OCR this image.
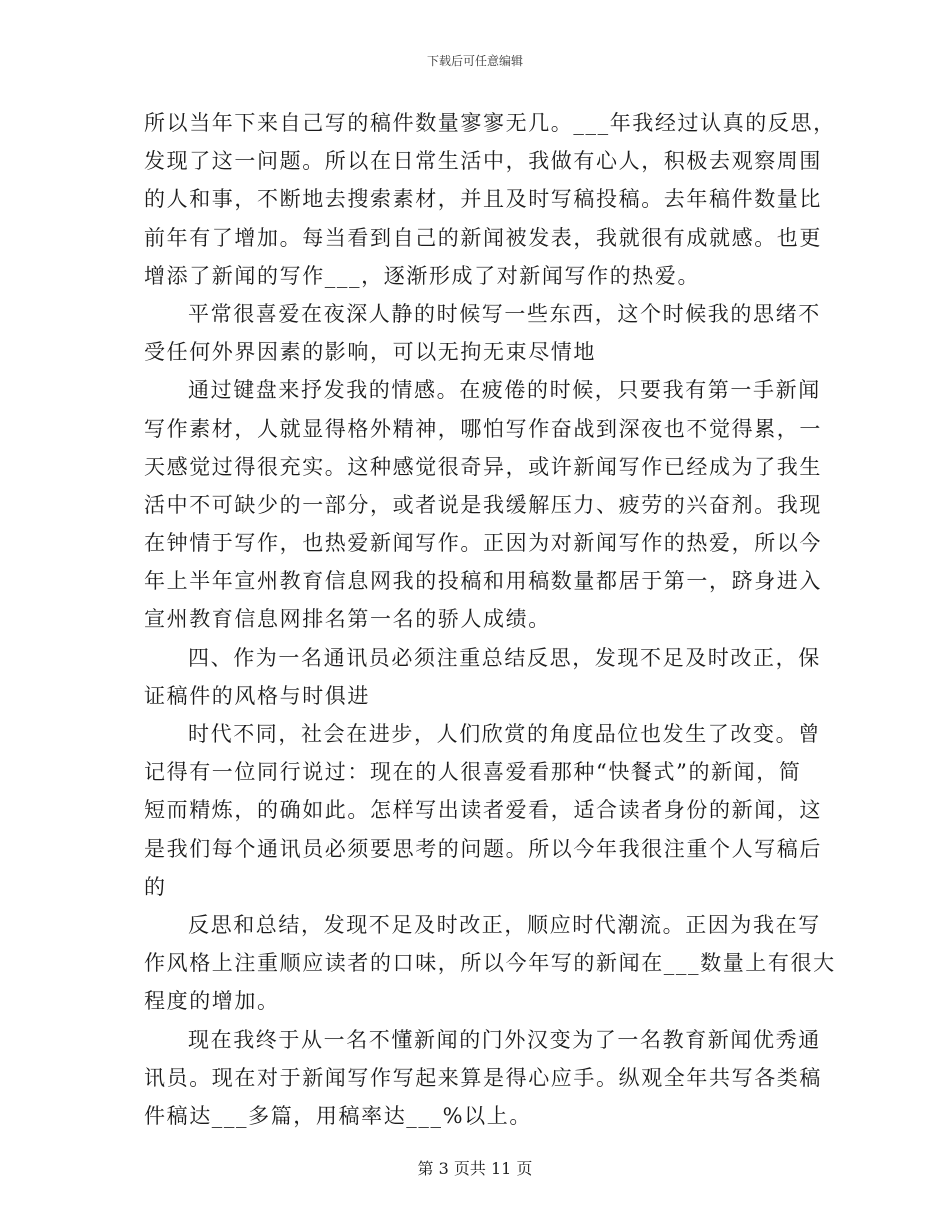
下载后可任意编辑
所以当年下来自己写的稿件数量寥寥无几。___年我经过认真的反思，
发现了这一问题。所以在日常生活中，我做有心人，积极去观察周围
的人和事，不断地去搜索素材，并且及时写稿投稿。去年稿件数量比
前年有了增加。每当看到自己的新闻被发表，我就很有成就感。也更
增添了新闻的写作___，逐渐形成了对新闻写作的热爱。
平常很喜爱在夜深人静的时候写一些东西，这个时候我的思绪不
受任何外界因素的影响，可以无拘无束尽情地
通过键盘来抒发我的情感。在疲倦的时候，只要我有第一手新闻
写作素材，人就显得格外精神，哪怕写作奋战到深夜也不觉得累，一
天感觉过得很充实。这种感觉很奇异，或许新闻写作已经成为了我生
活中不可缺少的一部分，或者说是我缓解压力、疲劳的兴奋剂。我现
在钟情于写作，也热爱新闻写作。正因为对新闻写作的热爱，所以今
年上半年宣州教育信息网我的投稿和用稿数量都居于第一，跻身进入
宣州教育信息网排名第一名的骄人成绩。
四、作为一名通讯员必须注重总结反思，发现不足及时改正，保
证稿件的风格与时俱进
时代不同，社会在进步，人们欣赏的角度品位也发生了改变。曾
记得有一位同行说过：现在的人很喜爱看那种“快餐式”的新闻，简
短而精炼，的确如此。怎样写出读者爱看，适合读者身份的新闻，这
是我们每个通讯员必须要思考的问题。所以今年我很注重个人写稿后
的
反思和总结，发现不足及时改正，顺应时代潮流。正因为我在写
作风格上注重顺应读者的口味，所以今年写的新闻在___数量上有很大
程度的增加。
现在我终于从一名不懂新闻的门外汉变为了一名教育新闻优秀通
讯员。现在对于新闻写作写起来算是得心应手。纵观全年共写各类稿
件稿达___多篇，用稿率达___%以上。
第 3 页共 11 页
